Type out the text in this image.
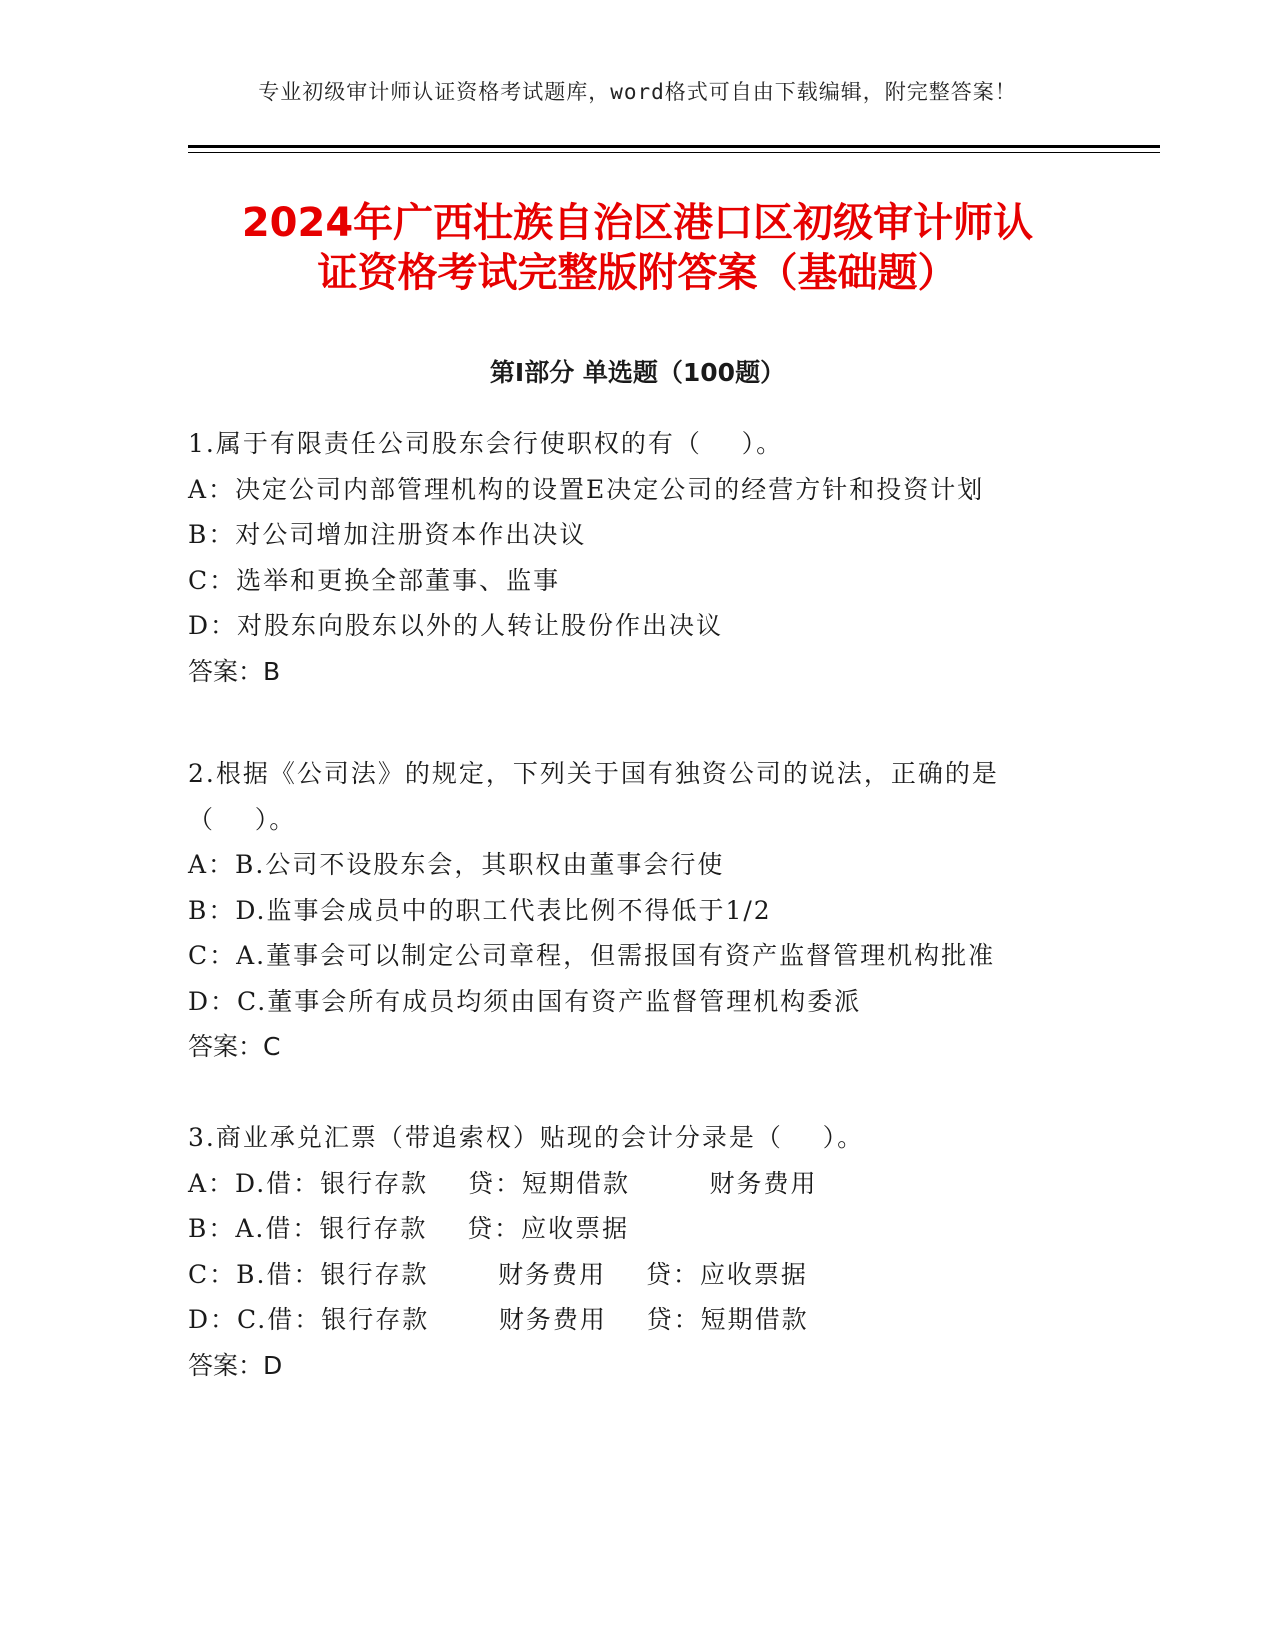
专业初级审计师认证资格考试题库，word格式可自由下载编辑，附完整答案！
2024年广西壮族自治区港口区初级审计师认
证资格考试完整版附答案（基础题）
第Ⅰ部分 单选题（100题）
1.属于有限责任公司股东会行使职权的有（    ）。
A：决定公司内部管理机构的设置E决定公司的经营方针和投资计划
B：对公司增加注册资本作出决议
C：选举和更换全部董事、监事
D：对股东向股东以外的人转让股份作出决议
答案：B
2.根据《公司法》的规定，下列关于国有独资公司的说法，正确的是
（    ）。
A：B.公司不设股东会，其职权由董事会行使
B：D.监事会成员中的职工代表比例不得低于1/2
C：A.董事会可以制定公司章程，但需报国有资产监督管理机构批准
D：C.董事会所有成员均须由国有资产监督管理机构委派
答案：C
3.商业承兑汇票（带追索权）贴现的会计分录是（    ）。
A：D.借：银行存款    贷：短期借款        财务费用
B：A.借：银行存款    贷：应收票据
C：B.借：银行存款       财务费用    贷：应收票据
D：C.借：银行存款       财务费用    贷：短期借款
答案：D
